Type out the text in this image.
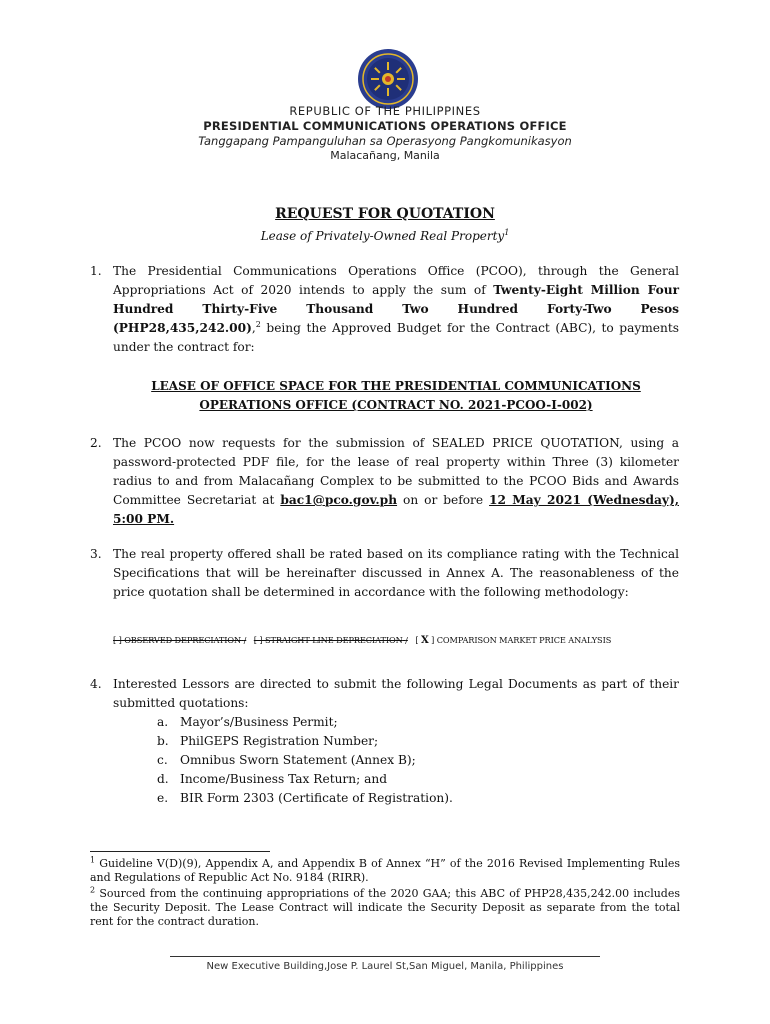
REPUBLIC OF THE PHILIPPINES
PRESIDENTIAL COMMUNICATIONS OPERATIONS OFFICE
Tanggapang Pampanguluhan sa Operasyong Pangkomunikasyon
Malacañang, Manila
REQUEST FOR QUOTATION
Lease of Privately-Owned Real Property$^1$
1. The Presidential Communications Operations Office (PCOO), through the General Appropriations Act of 2020 intends to apply the sum of Twenty-Eight Million Four Hundred Thirty-Five Thousand Two Hundred Forty-Two Pesos (PHP28,435,242.00),$^2$ being the Approved Budget for the Contract (ABC), to payments under the contract for:
LEASE OF OFFICE SPACE FOR THE PRESIDENTIAL COMMUNICATIONS OPERATIONS OFFICE (CONTRACT NO. 2021-PCOO-I-002)
2. The PCOO now requests for the submission of SEALED PRICE QUOTATION, using a password-protected PDF file, for the lease of real property within Three (3) kilometer radius to and from Malacañang Complex to be submitted to the PCOO Bids and Awards Committee Secretariat at bac1@pco.gov.ph on or before 12 May 2021 (Wednesday), 5:00 PM.
3. The real property offered shall be rated based on its compliance rating with the Technical Specifications that will be hereinafter discussed in Annex A. The reasonableness of the price quotation shall be determined in accordance with the following methodology:
[ ] OBSERVED DEPRECIATION / [ ] STRAIGHT LINE DEPRECIATION / [ X ] COMPARISON MARKET PRICE ANALYSIS
4. Interested Lessors are directed to submit the following Legal Documents as part of their submitted quotations:
a. Mayor’s/Business Permit;
b. PhilGEPS Registration Number;
c. Omnibus Sworn Statement (Annex B);
d. Income/Business Tax Return; and
e. BIR Form 2303 (Certificate of Registration).
$^1$ Guideline V(D)(9), Appendix A, and Appendix B of Annex “H” of the 2016 Revised Implementing Rules and Regulations of Republic Act No. 9184 (RIRR).
$^2$ Sourced from the continuing appropriations of the 2020 GAA; this ABC of PHP28,435,242.00 includes the Security Deposit. The Lease Contract will indicate the Security Deposit as separate from the total rent for the contract duration.
New Executive Building,Jose P. Laurel St,San Miguel, Manila, Philippines
